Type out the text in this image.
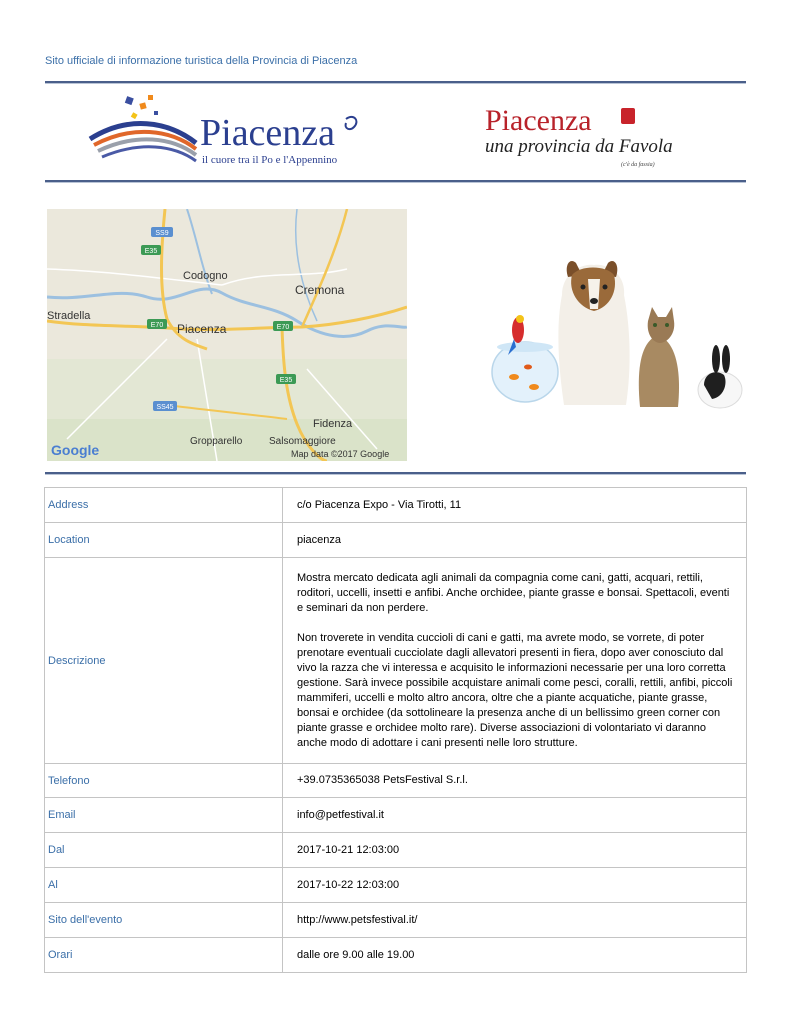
Sito ufficiale di informazione turistica della Provincia di Piacenza
Piacenza
il cuore tra il Po e l'Appennino
Piacenza
una provincia da Favola
(c'è da fassia)
SS9
E35
E70	E70
E35
SS45
Codogno
Cremona
Stradella
Piacenza
Fidenza
Gropparello	Salsomaggiore
Google	Map data ©2017 Google
Address	c/o Piacenza Expo - Via Tirotti, 11
Location	piacenza
Descrizione	Mostra mercato dedicata agli animali da compagnia come cani, gatti, acquari, rettili, roditori, uccelli, insetti e anfibi. Anche orchidee, piante grasse e bonsai. Spettacoli, eventi e seminari da non perdere.

Non troverete in vendita cuccioli di cani e gatti, ma avrete modo, se vorrete, di poter prenotare eventuali cucciolate dagli allevatori presenti in fiera, dopo aver conosciuto dal vivo la razza che vi interessa e acquisito le informazioni necessarie per una loro corretta gestione. Sarà invece possibile acquistare animali come pesci, coralli, rettili, anfibi, piccoli mammiferi, uccelli e molto altro ancora, oltre che a piante acquatiche, piante grasse, bonsai e orchidee (da sottolineare la presenza anche di un bellissimo green corner con piante grasse e orchidee molto rare). Diverse associazioni di volontariato vi daranno anche modo di adottare i cani presenti nelle loro strutture.

Telefono	+39.0735365038 PetsFestival S.r.l.
Email	info@petfestival.it
Dal	2017-10-21 12:03:00
Al	2017-10-22 12:03:00
Sito dell'evento	http://www.petsfestival.it/
Orari	dalle ore 9.00 alle 19.00
